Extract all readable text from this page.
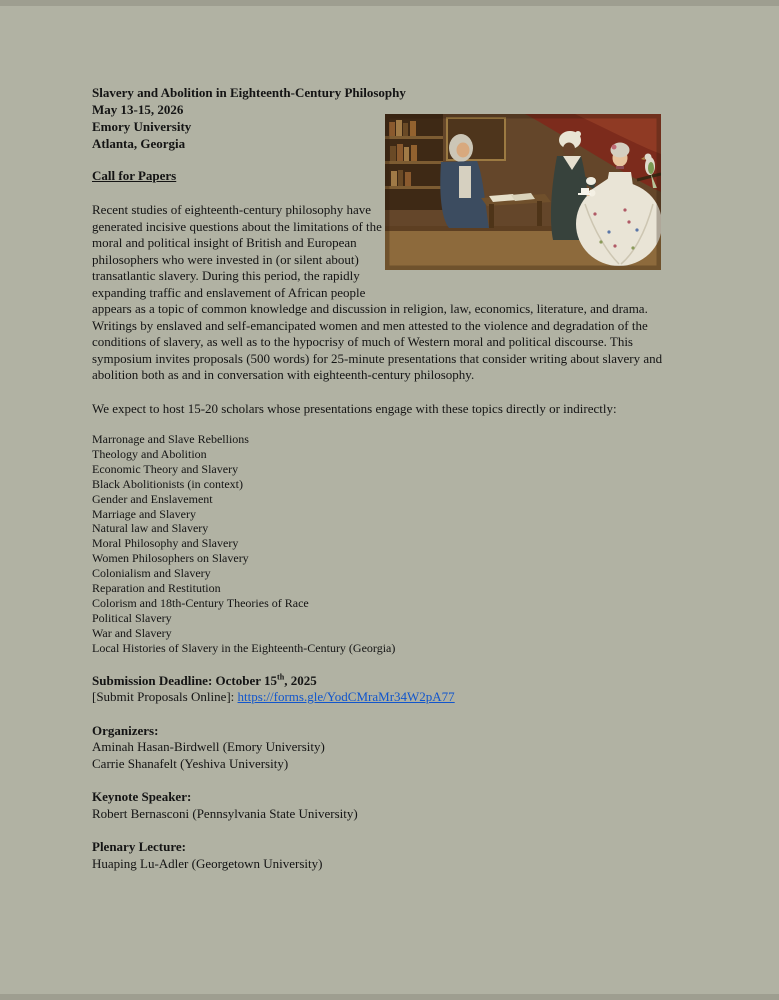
Slavery and Abolition in Eighteenth-Century Philosophy
May 13-15, 2026
Emory University
Atlanta, Georgia
Call for Papers

Recent studies of eighteenth-century philosophy have generated incisive questions about the limitations of the moral and political insight of British and European philosophers who were invested in (or silent about) transatlantic slavery. During this period, the rapidly expanding traffic and enslavement of African people appears as a topic of common knowledge and discussion in religion, law, economics, literature, and drama. Writings by enslaved and self-emancipated women and men attested to the violence and degradation of the conditions of slavery, as well as to the hypocrisy of much of Western moral and political discourse. This symposium invites proposals (500 words) for 25-minute presentations that consider writing about slavery and abolition both as and in conversation with eighteenth-century philosophy.

We expect to host 15-20 scholars whose presentations engage with these topics directly or indirectly:

Marronage and Slave Rebellions
Theology and Abolition
Economic Theory and Slavery
Black Abolitionists (in context)
Gender and Enslavement
Marriage and Slavery
Natural law and Slavery
Moral Philosophy and Slavery
Women Philosophers on Slavery
Colonialism and Slavery
Reparation and Restitution
Colorism and 18th-Century Theories of Race
Political Slavery
War and Slavery
Local Histories of Slavery in the Eighteenth-Century (Georgia)
Submission Deadline: October 15th, 2025
[Submit Proposals Online]: https://forms.gle/YodCMraMr34W2pA77
Organizers:
Aminah Hasan-Birdwell (Emory University)
Carrie Shanafelt (Yeshiva University)
Keynote Speaker:
Robert Bernasconi (Pennsylvania State University)
Plenary Lecture:
Huaping Lu-Adler (Georgetown University)
